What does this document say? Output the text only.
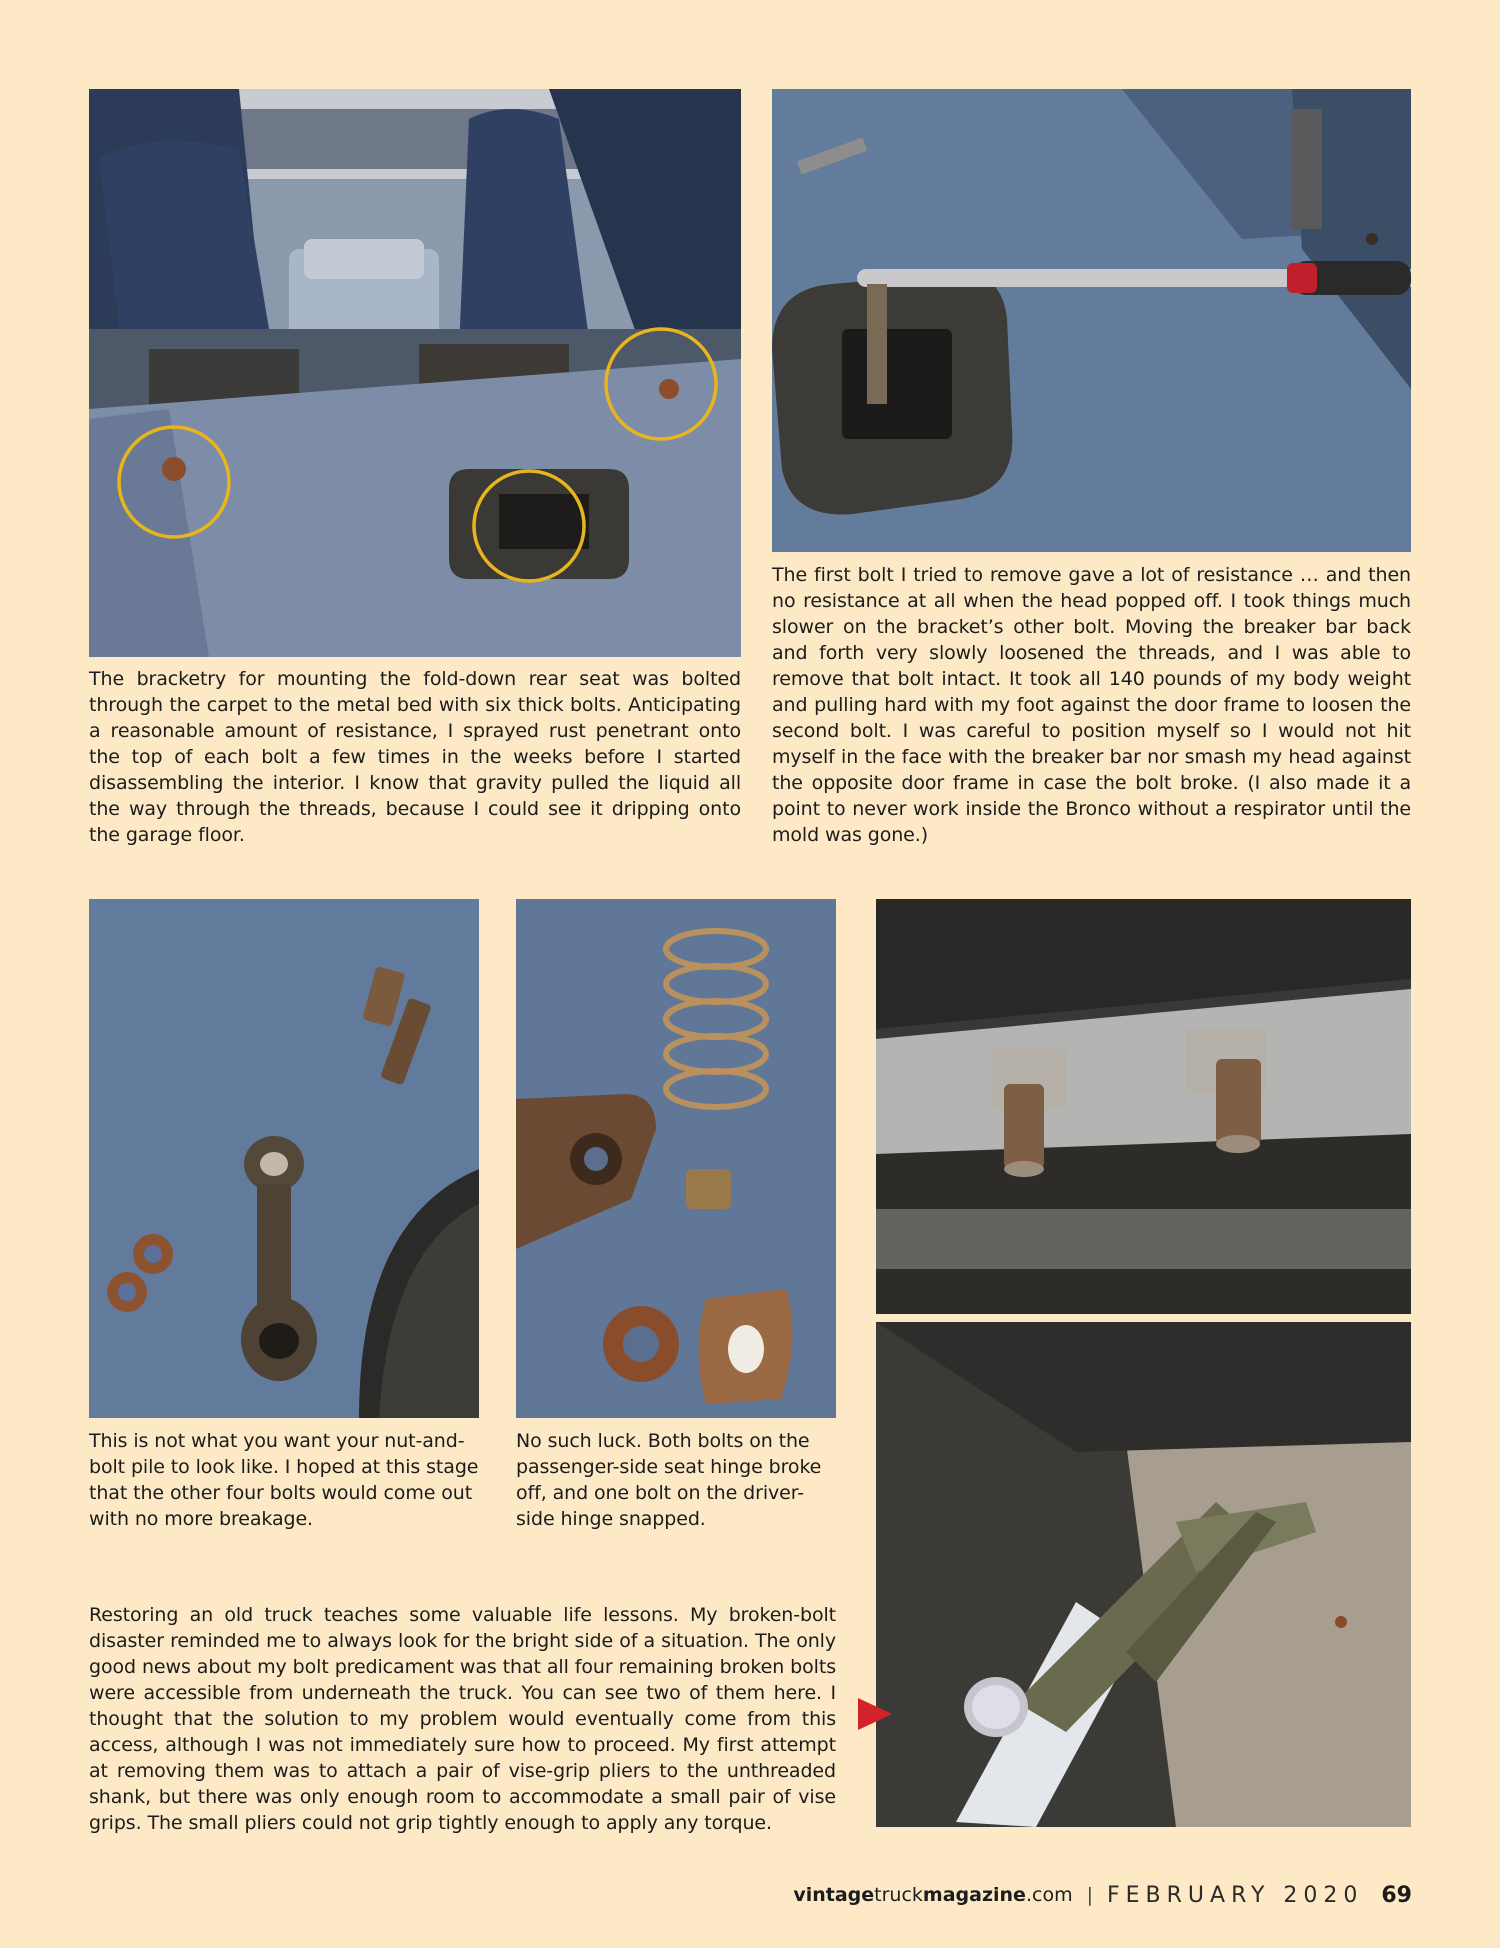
The bracketry for mounting the fold-down rear seat was bolted through the carpet to the metal bed with six thick bolts. Anticipating a reasonable amount of resistance, I sprayed rust penetrant onto the top of each bolt a few times in the weeks before I started disassembling the interior. I know that gravity pulled the liquid all the way through the threads, because I could see it dripping onto the garage floor.

The first bolt I tried to remove gave a lot of resistance … and then no resistance at all when the head popped off. I took things much slower on the bracket’s other bolt. Moving the breaker bar back and forth very slowly loosened the threads, and I was able to remove that bolt intact. It took all 140 pounds of my body weight and pulling hard with my foot against the door frame to loosen the second bolt. I was careful to position myself so I would not hit myself in the face with the breaker bar nor smash my head against the opposite door frame in case the bolt broke. (I also made it a point to never work inside the Bronco without a respirator until the mold was gone.)

This is not what you want your nut-and-bolt pile to look like. I hoped at this stage that the other four bolts would come out with no more breakage.

No such luck. Both bolts on the passenger-side seat hinge broke off, and one bolt on the driver-side hinge snapped.

Restoring an old truck teaches some valuable life lessons. My broken-bolt disaster reminded me to always look for the bright side of a situation. The only good news about my bolt predicament was that all four remaining broken bolts were accessible from underneath the truck. You can see two of them here. I thought that the solution to my problem would eventually come from this access, although I was not immediately sure how to proceed. My first attempt at removing them was to attach a pair of vise-grip pliers to the unthreaded shank, but there was only enough room to accommodate a small pair of vise grips. The small pliers could not grip tightly enough to apply any torque.

vintagetruckmagazine.com | FEBRUARY 2020 69
